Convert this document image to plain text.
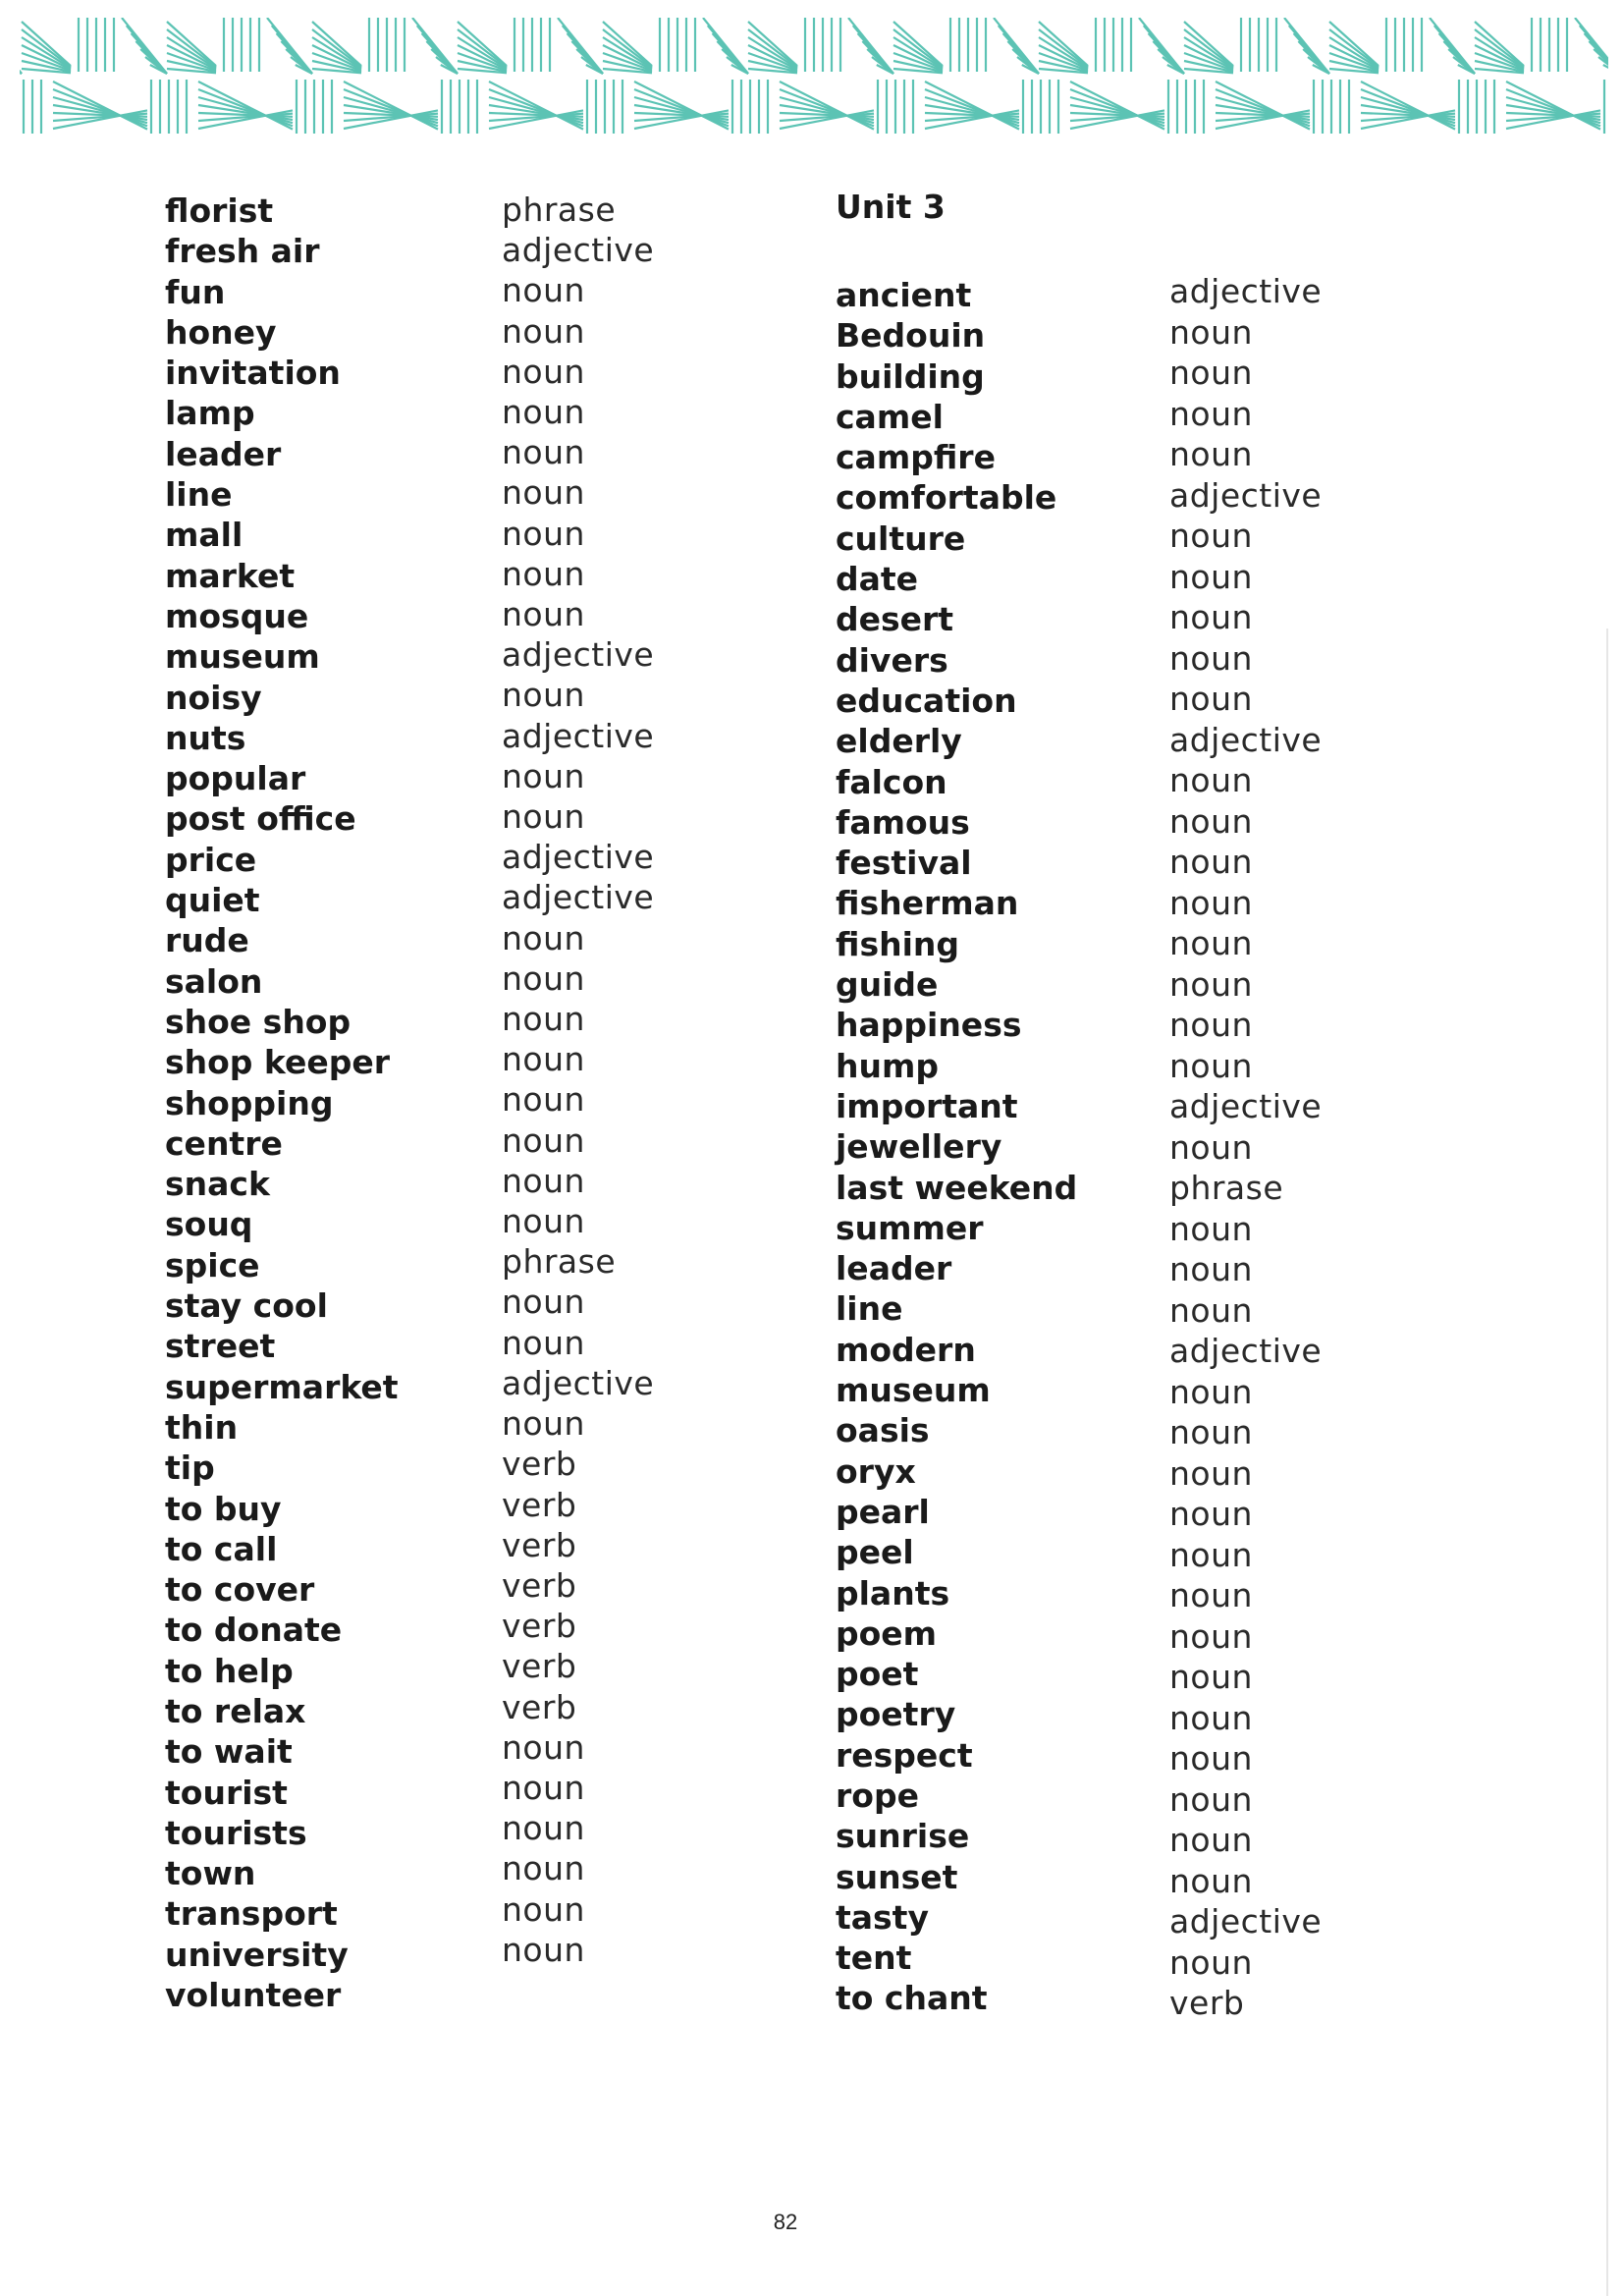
florist
fresh air
fun
honey
invitation
lamp
leader
line
mall
market
mosque
museum
noisy
nuts
popular
post office
price
quiet
rude
salon
shoe shop
shop keeper
shopping
centre
snack
souq
spice
stay cool
street
supermarket
thin
tip
to buy
to call
to cover
to donate
to help
to relax
to wait
tourist
tourists
town
transport
university
volunteer
phrase
adjective
noun
noun
noun
noun
noun
noun
noun
noun
noun
adjective
noun
adjective
noun
noun
adjective
adjective
noun
noun
noun
noun
noun
noun
noun
noun
phrase
noun
noun
adjective
noun
verb
verb
verb
verb
verb
verb
verb
noun
noun
noun
noun
noun
noun
Unit 3
ancient
Bedouin
building
camel
campfire
comfortable
culture
date
desert
divers
education
elderly
falcon
famous
festival
fisherman
fishing
guide
happiness
hump
important
jewellery
last weekend
summer
leader
line
modern
museum
oasis
oryx
pearl
peel
plants
poem
poet
poetry
respect
rope
sunrise
sunset
tasty
tent
to chant
adjective
noun
noun
noun
noun
adjective
noun
noun
noun
noun
noun
adjective
noun
noun
noun
noun
noun
noun
noun
noun
adjective
noun
phrase
noun
noun
noun
adjective
noun
noun
noun
noun
noun
noun
noun
noun
noun
noun
noun
noun
noun
adjective
noun
verb
82
